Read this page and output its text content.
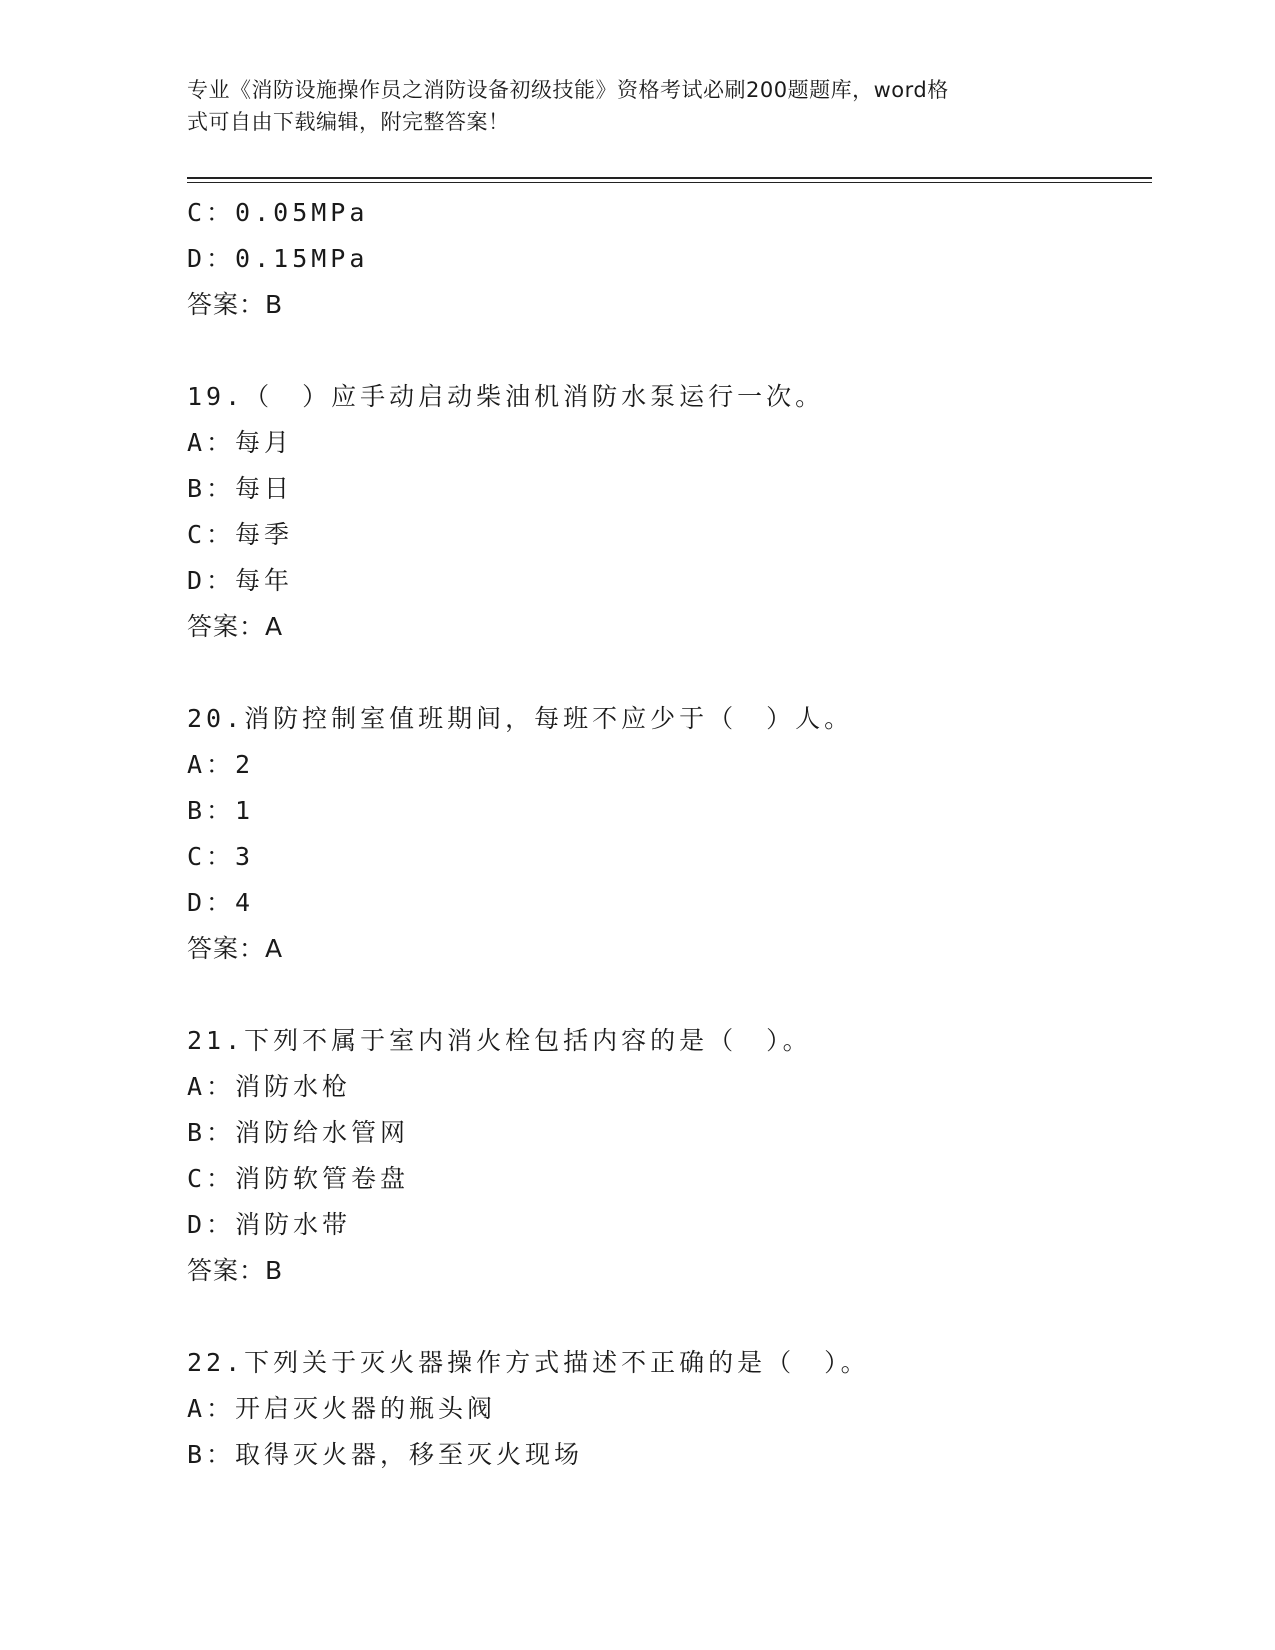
专业《消防设施操作员之消防设备初级技能》资格考试必刷200题题库，word格
式可自由下载编辑，附完整答案！
C：0.05MPa
D：0.15MPa
答案：B
19.（　）应手动启动柴油机消防水泵运行一次。
A：每月
B：每日
C：每季
D：每年
答案：A
20.消防控制室值班期间，每班不应少于（　）人。
A：2
B：1
C：3
D：4
答案：A
21.下列不属于室内消火栓包括内容的是（　）。
A：消防水枪
B：消防给水管网
C：消防软管卷盘
D：消防水带
答案：B
22.下列关于灭火器操作方式描述不正确的是（　）。
A：开启灭火器的瓶头阀
B：取得灭火器，移至灭火现场
